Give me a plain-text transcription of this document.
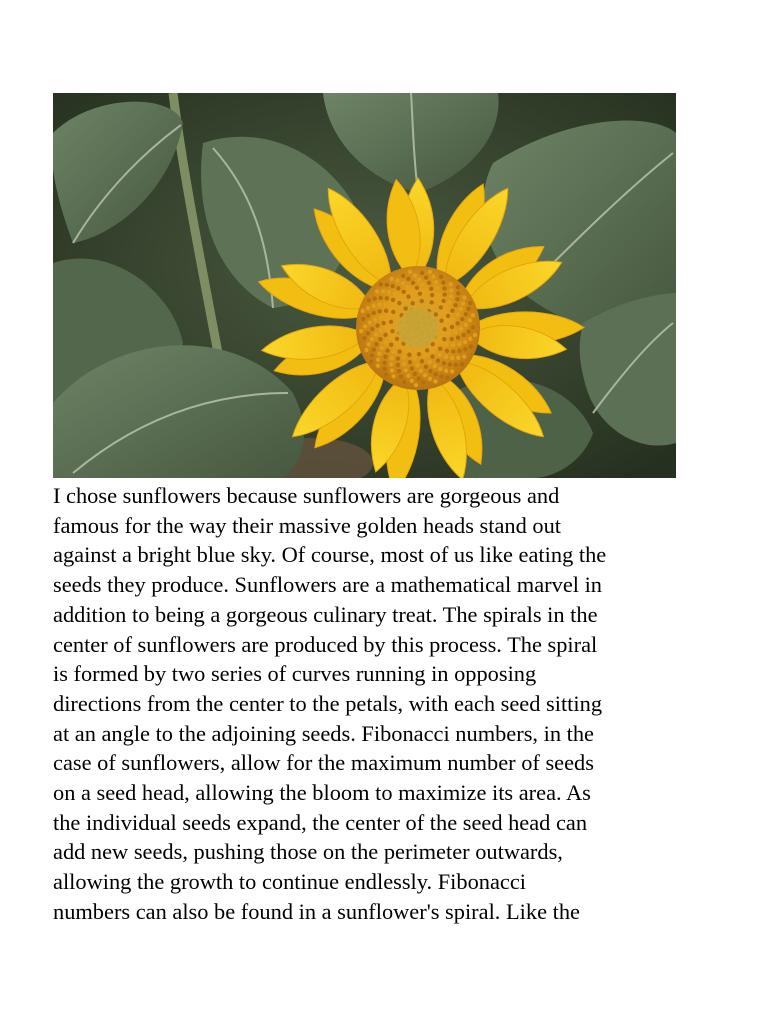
I chose sunflowers because sunflowers are gorgeous and
famous for the way their massive golden heads stand out
against a bright blue sky. Of course, most of us like eating the
seeds they produce. Sunflowers are a mathematical marvel in
addition to being a gorgeous culinary treat. The spirals in the
center of sunflowers are produced by this process. The spiral
is formed by two series of curves running in opposing
directions from the center to the petals, with each seed sitting
at an angle to the adjoining seeds. Fibonacci numbers, in the
case of sunflowers, allow for the maximum number of seeds
on a seed head, allowing the bloom to maximize its area. As
the individual seeds expand, the center of the seed head can
add new seeds, pushing those on the perimeter outwards,
allowing the growth to continue endlessly. Fibonacci
numbers can also be found in a sunflower's spiral. Like the
